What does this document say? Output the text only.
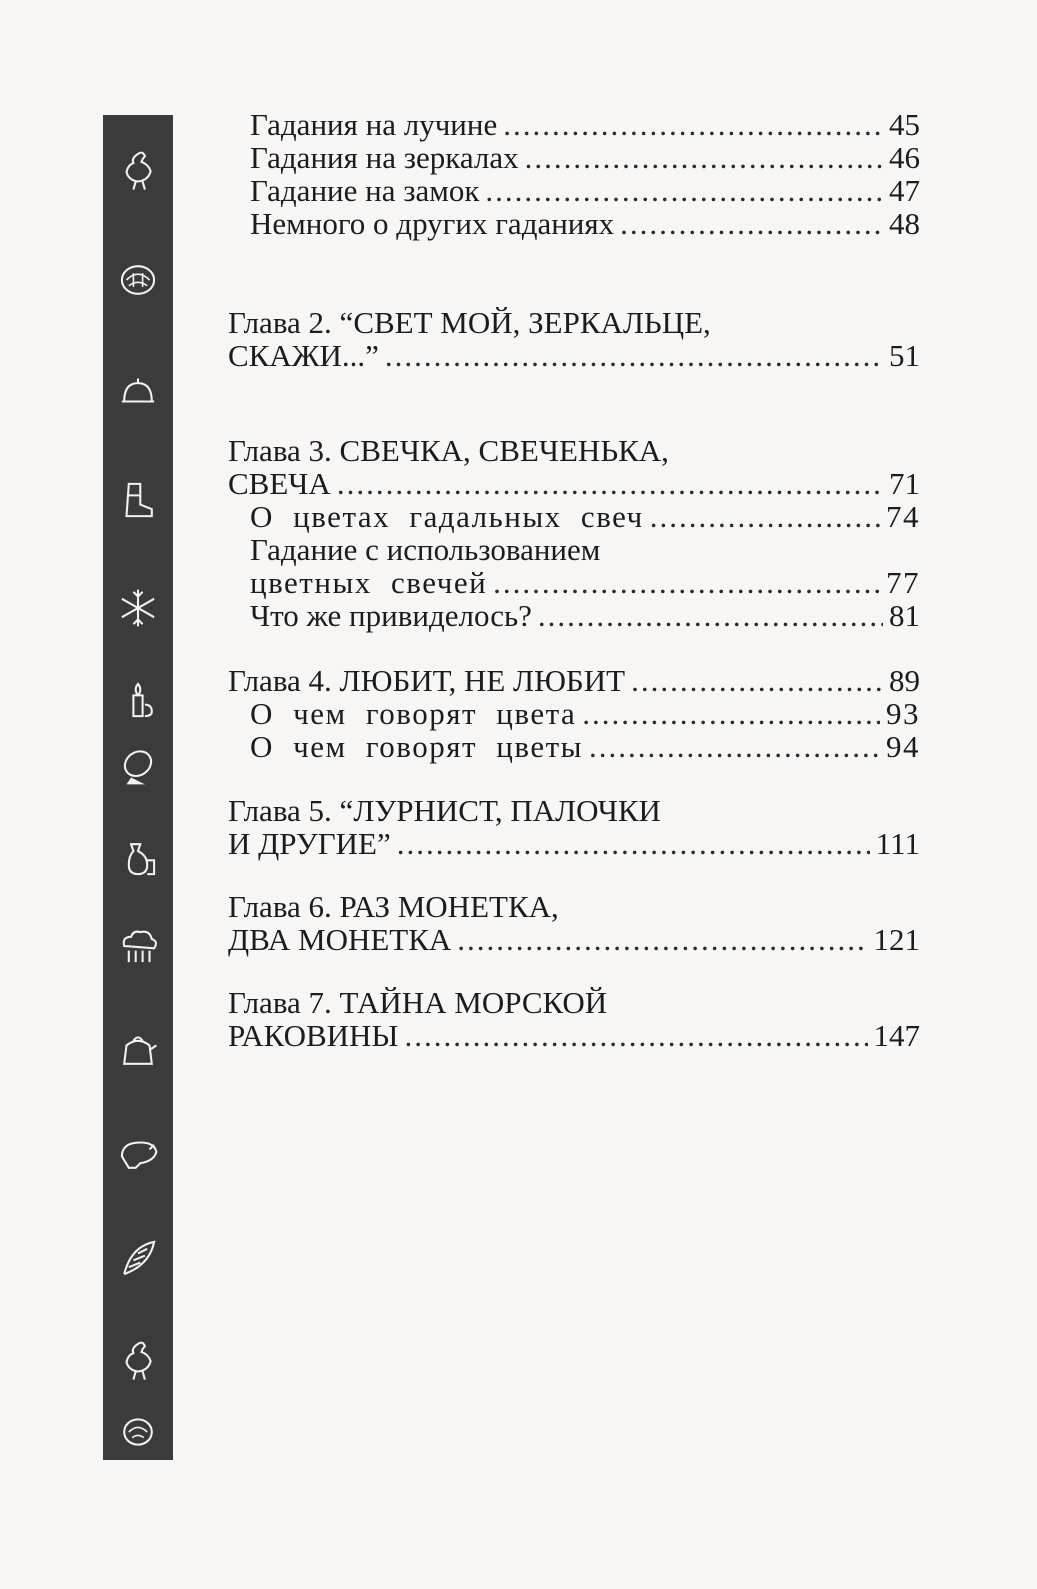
Гадания на лучине .....	45
Гадания на зеркалах .....	46
Гадание на замок .....	47
Немного о других гаданиях .....	48
Глава 2. “СВЕТ МОЙ, ЗЕРКАЛЬЦЕ,
СКАЖИ...” .....	51
Глава 3. СВЕЧКА, СВЕЧЕНЬКА,
СВЕЧА .....	71
О цветах гадальных свеч .....	74
Гадание с использованием
цветных свечей .....	77
Что же привиделось? .....	81
Глава 4. ЛЮБИТ, НЕ ЛЮБИТ .....	89
О чем говорят цвета .....	93
О чем говорят цветы .....	94
Глава 5. “ЛУРНИСТ, ПАЛОЧКИ
И ДРУГИЕ” .....	111
Глава 6. РАЗ МОНЕТКА,
ДВА МОНЕТКА .....	121
Глава 7. ТАЙНА МОРСКОЙ
РАКОВИНЫ .....	147
